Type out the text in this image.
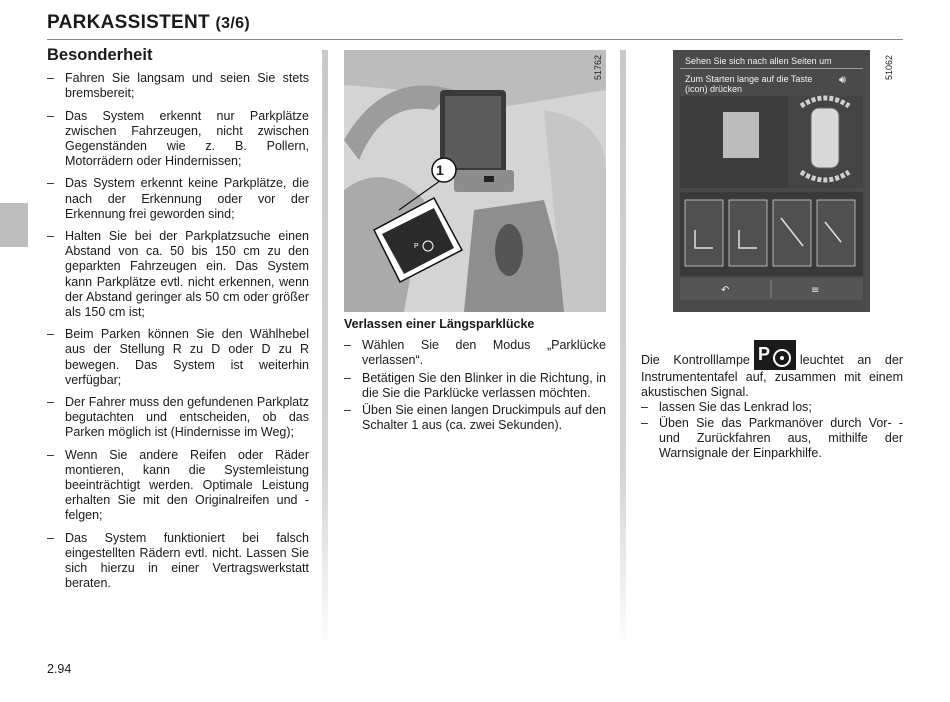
PARKASSISTENT (3/6)
Besonderheit
– Fahren Sie langsam und seien Sie stets bremsbereit;
– Das System erkennt nur Parkplätze zwischen Fahrzeugen, nicht zwischen Gegenständen wie z. B. Pollern, Motorrädern oder Hindernissen;
– Das System erkennt keine Parkplätze, die nach der Erkennung oder vor der Erkennung frei geworden sind;
– Halten Sie bei der Parkplatzsuche einen Abstand von ca. 50 bis 150 cm zu den geparkten Fahrzeugen ein. Das System kann Parkplätze evtl. nicht erkennen, wenn der Abstand geringer als 50 cm oder größer als 150 cm ist;
– Beim Parken können Sie den Wählhebel aus der Stellung R zu D oder D zu R bewegen. Das System ist weiterhin verfügbar;
– Der Fahrer muss den gefundenen Parkplatz begutachten und entscheiden, ob das Parken möglich ist (Hindernisse im Weg);
– Wenn Sie andere Reifen oder Räder montieren, kann die Systemleistung beeinträchtigt werden. Optimale Leistung erhalten Sie mit den Originalreifen und -felgen;
– Das System funktioniert bei falsch eingestellten Rädern evtl. nicht. Lassen Sie sich hierzu in einer Vertragswerkstatt beraten.
P
1
51762
Verlassen einer Längsparklücke
– Wählen Sie den Modus „Parklücke verlassen“.
– Betätigen Sie den Blinker in die Richtung, in die Sie die Parklücke verlassen möchten.
– Üben Sie einen langen Druckimpuls auf den Schalter 1 aus (ca. zwei Sekunden).
Sehen Sie sich nach allen Seiten um
Zum Starten lange auf die Taste
(icon) drücken
🔊︎
↶	≡
51062

Die Kontrolllampe P leuchtet an der Instrumententafel auf, zusammen mit einem akustischen Signal.

– lassen Sie das Lenkrad los;
– Üben Sie das Parkmanöver durch Vor- - und Zurückfahren aus, mithilfe der Warnsignale der Einparkhilfe.
2.94
